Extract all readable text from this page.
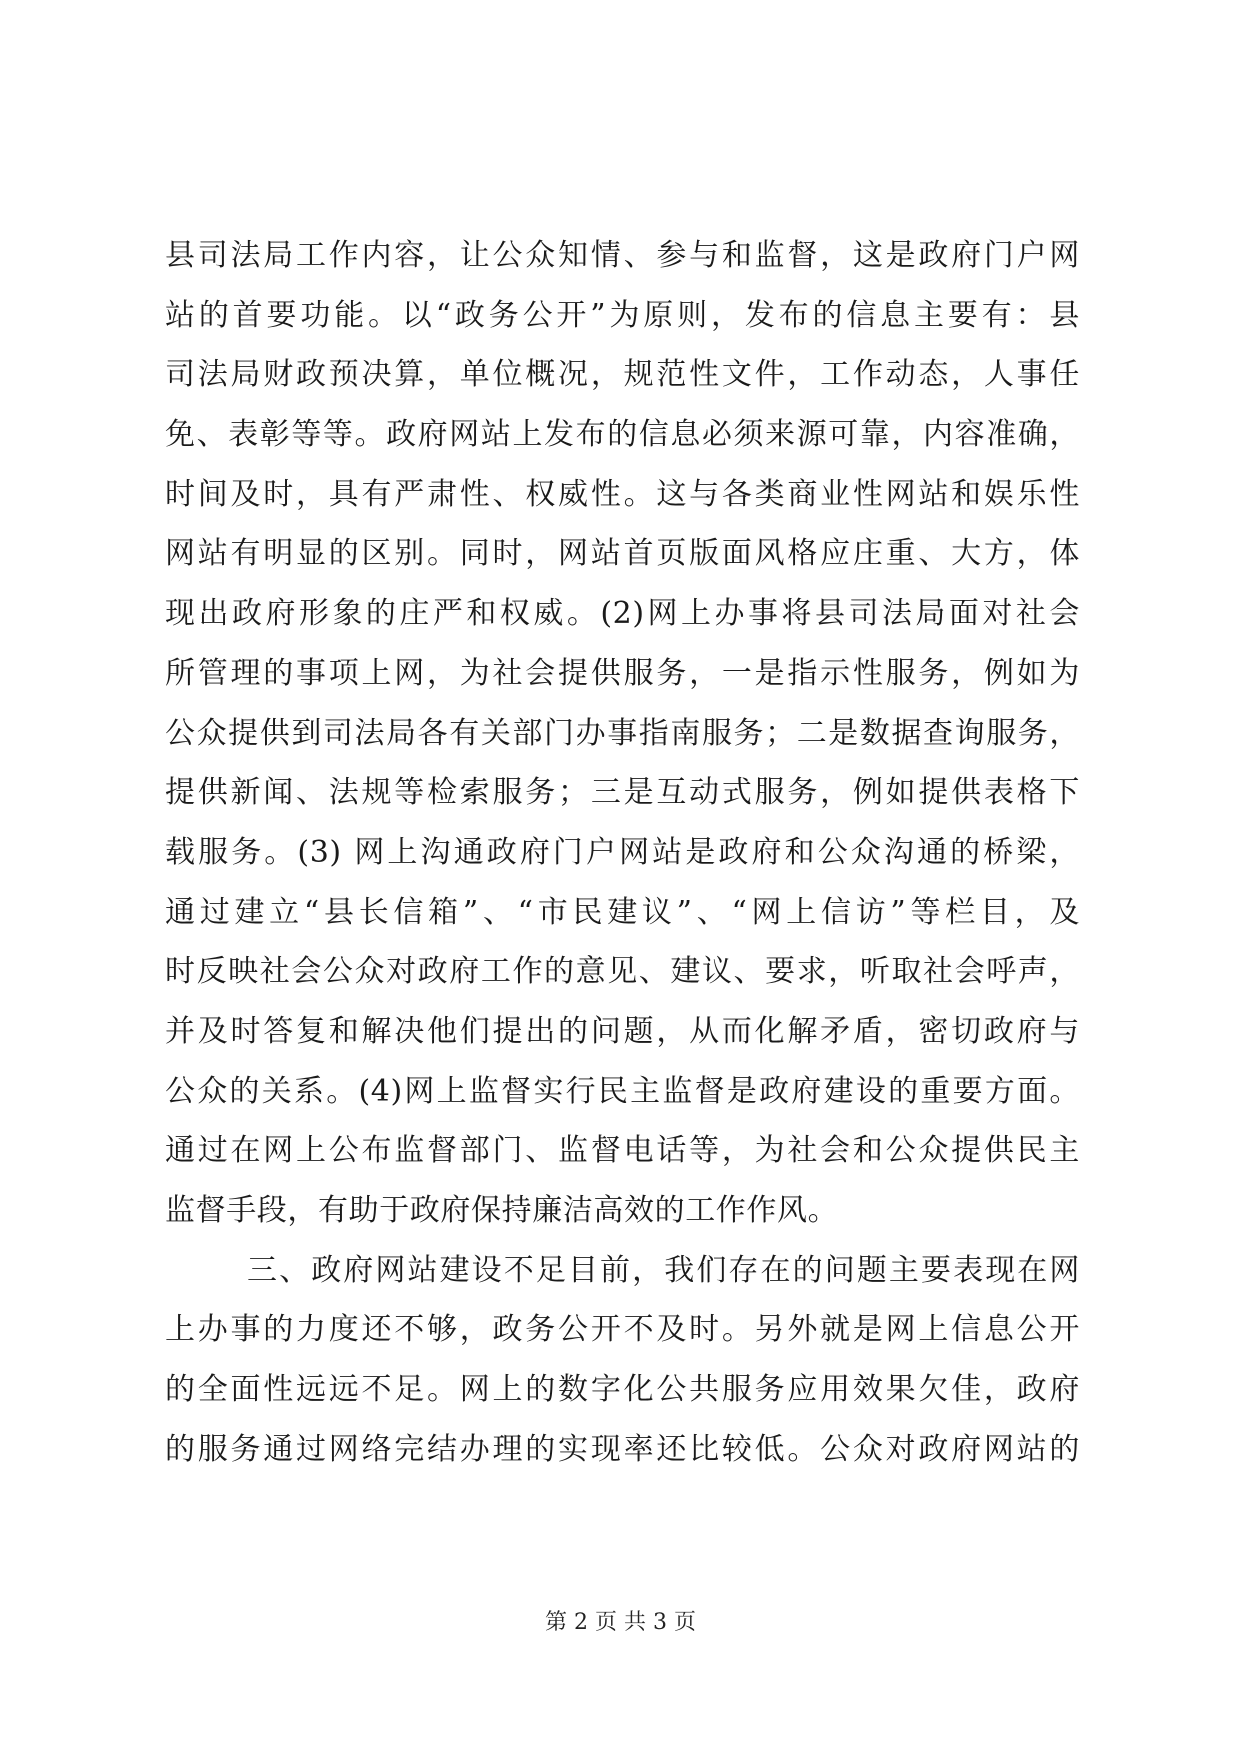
县司法局工作内容，让公众知情、参与和监督，这是政府门户网
站的首要功能。以“政务公开”为原则，发布的信息主要有：县
司法局财政预决算，单位概况，规范性文件，工作动态，人事任
免、表彰等等。政府网站上发布的信息必须来源可靠，内容准确，
时间及时，具有严肃性、权威性。这与各类商业性网站和娱乐性
网站有明显的区别。同时，网站首页版面风格应庄重、大方，体
现出政府形象的庄严和权威。(2)网上办事将县司法局面对社会
所管理的事项上网，为社会提供服务，一是指示性服务，例如为
公众提供到司法局各有关部门办事指南服务；二是数据查询服务，
提供新闻、法规等检索服务；三是互动式服务，例如提供表格下
载服务。(3) 网上沟通政府门户网站是政府和公众沟通的桥梁，
通过建立“县长信箱”、“市民建议”、“网上信访”等栏目，及
时反映社会公众对政府工作的意见、建议、要求，听取社会呼声，
并及时答复和解决他们提出的问题，从而化解矛盾，密切政府与
公众的关系。(4)网上监督实行民主监督是政府建设的重要方面。
通过在网上公布监督部门、监督电话等，为社会和公众提供民主
监督手段，有助于政府保持廉洁高效的工作作风。
三、政府网站建设不足目前，我们存在的问题主要表现在网
上办事的力度还不够，政务公开不及时。另外就是网上信息公开
的全面性远远不足。网上的数字化公共服务应用效果欠佳，政府
的服务通过网络完结办理的实现率还比较低。公众对政府网站的
第 2 页 共 3 页
